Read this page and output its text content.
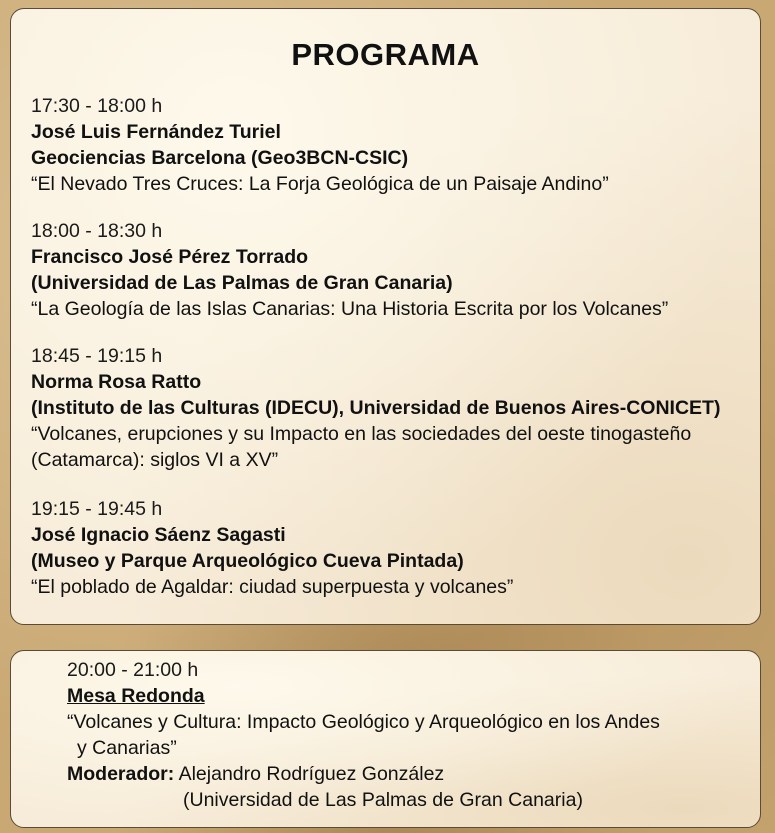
PROGRAMA
17:30 - 18:00 h
José Luis Fernández Turiel
Geociencias Barcelona (Geo3BCN-CSIC)
“El Nevado Tres Cruces: La Forja Geológica de un Paisaje Andino”
18:00 - 18:30 h
Francisco José Pérez Torrado
(Universidad de Las Palmas de Gran Canaria)
“La Geología de las Islas Canarias: Una Historia Escrita por los Volcanes”
18:45 - 19:15 h
Norma Rosa Ratto
(Instituto de las Culturas (IDECU), Universidad de Buenos Aires-CONICET)
“Volcanes, erupciones y su Impacto en las sociedades del oeste tinogasteño
(Catamarca): siglos VI a XV”
19:15 - 19:45 h
José Ignacio Sáenz Sagasti
(Museo y Parque Arqueológico Cueva Pintada)
“El poblado de Agaldar: ciudad superpuesta y volcanes”
20:00 - 21:00 h
Mesa Redonda
“Volcanes y Cultura: Impacto Geológico y Arqueológico en los Andes
y Canarias”
Moderador: Alejandro Rodríguez González
(Universidad de Las Palmas de Gran Canaria)
